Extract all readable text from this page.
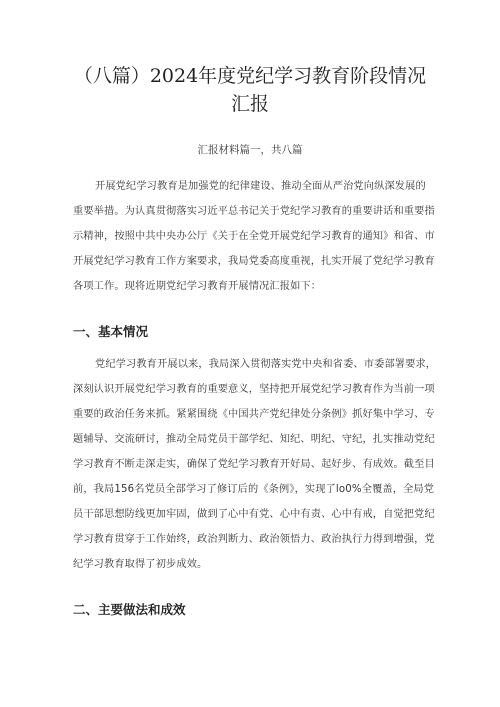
（八篇）2024年度党纪学习教育阶段情况
汇报
汇报材料篇一，共八篇
开展党纪学习教育是加强党的纪律建设、推动全面从严治党向纵深发展的
重要举措。为认真贯彻落实习近平总书记关于党纪学习教育的重要讲话和重要指
示精神，按照中共中央办公厅《关于在全党开展党纪学习教育的通知》和省、市
开展党纪学习教育工作方案要求，我局党委高度重视，扎实开展了党纪学习教育
各项工作。现将近期党纪学习教育开展情况汇报如下：
一、基本情况
党纪学习教育开展以来，我局深入贯彻落实党中央和省委、市委部署要求，
深刻认识开展党纪学习教育的重要意义，坚持把开展党纪学习教育作为当前一项
重要的政治任务来抓。紧紧围绕《中国共产党纪律处分条例》抓好集中学习、专
题辅导、交流研讨，推动全局党员干部学纪、知纪、明纪、守纪，扎实推动党纪
学习教育不断走深走实，确保了党纪学习教育开好局、起好步、有成效。截至目
前，我局156名党员全部学习了修订后的《条例》，实现了lo0%全覆盖，全局党
员干部思想防线更加牢固，做到了心中有党、心中有责、心中有戒，自觉把党纪
学习教育贯穿于工作始终，政治判断力、政治领悟力、政治执行力得到增强，党
纪学习教育取得了初步成效。
二、主要做法和成效
